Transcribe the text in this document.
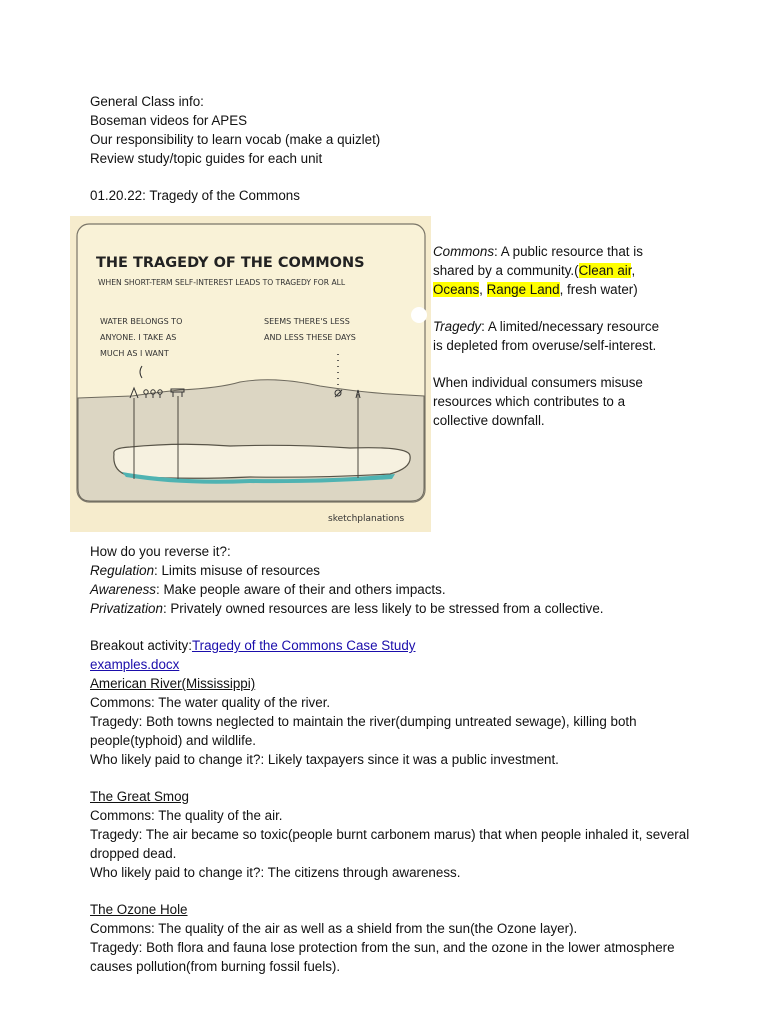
General Class info:
Boseman videos for APES
Our responsibility to learn vocab (make a quizlet)
Review study/topic guides for each unit
01.20.22: Tragedy of the Commons
THE TRAGEDY OF THE COMMONS
WHEN SHORT-TERM SELF-INTEREST LEADS TO TRAGEDY FOR ALL
WATER BELONGS TO
ANYONE. I TAKE AS
MUCH AS I WANT
SEEMS THERE'S LESS
AND LESS THESE DAYS
sketchplanations
Commons: A public resource that is
shared by a community.(Clean air,
Oceans, Range Land, fresh water)
Tragedy: A limited/necessary resource
is depleted from overuse/self-interest.
When individual consumers misuse
resources which contributes to a
collective downfall.
How do you reverse it?:
Regulation: Limits misuse of resources
Awareness: Make people aware of their and others impacts.
Privatization: Privately owned resources are less likely to be stressed from a collective.
Breakout activity:Tragedy of the Commons Case Study
examples.docx
American River(Mississippi)
Commons: The water quality of the river.
Tragedy: Both towns neglected to maintain the river(dumping untreated sewage), killing both
people(typhoid) and wildlife.
Who likely paid to change it?: Likely taxpayers since it was a public investment.
The Great Smog
Commons: The quality of the air.
Tragedy: The air became so toxic(people burnt carbonem marus) that when people inhaled it, several
dropped dead.
Who likely paid to change it?: The citizens through awareness.
The Ozone Hole
Commons: The quality of the air as well as a shield from the sun(the Ozone layer).
Tragedy: Both flora and fauna lose protection from the sun, and the ozone in the lower atmosphere
causes pollution(from burning fossil fuels).
